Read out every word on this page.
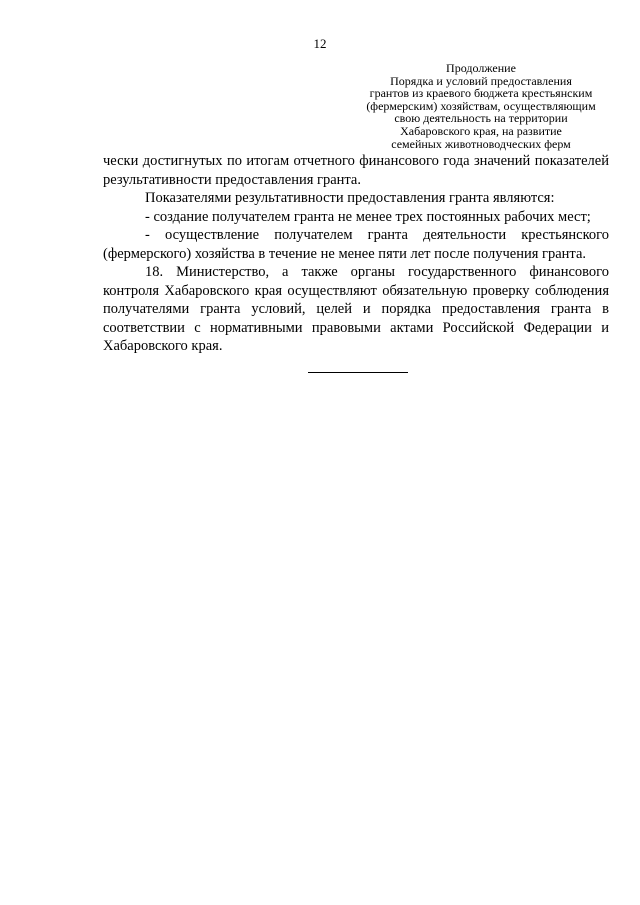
12
Продолжение
Порядка и условий предоставления
грантов из краевого бюджета крестьянским
(фермерским) хозяйствам, осуществляющим
свою деятельность на территории
Хабаровского края, на развитие
семейных животноводческих ферм

чески достигнутых по итогам отчетного финансового года значений показателей результативности предоставления гранта.

Показателями результативности предоставления гранта являются:

- создание получателем гранта не менее трех постоянных рабочих мест;

- осуществление получателем гранта деятельности крестьянского (фермерского) хозяйства в течение не менее пяти лет после получения гранта.

18. Министерство, а также органы государственного финансового контроля Хабаровского края осуществляют обязательную проверку соблюдения получателями гранта условий, целей и порядка предоставления гранта в соответствии с нормативными правовыми актами Российской Федерации и Хабаровского края.
